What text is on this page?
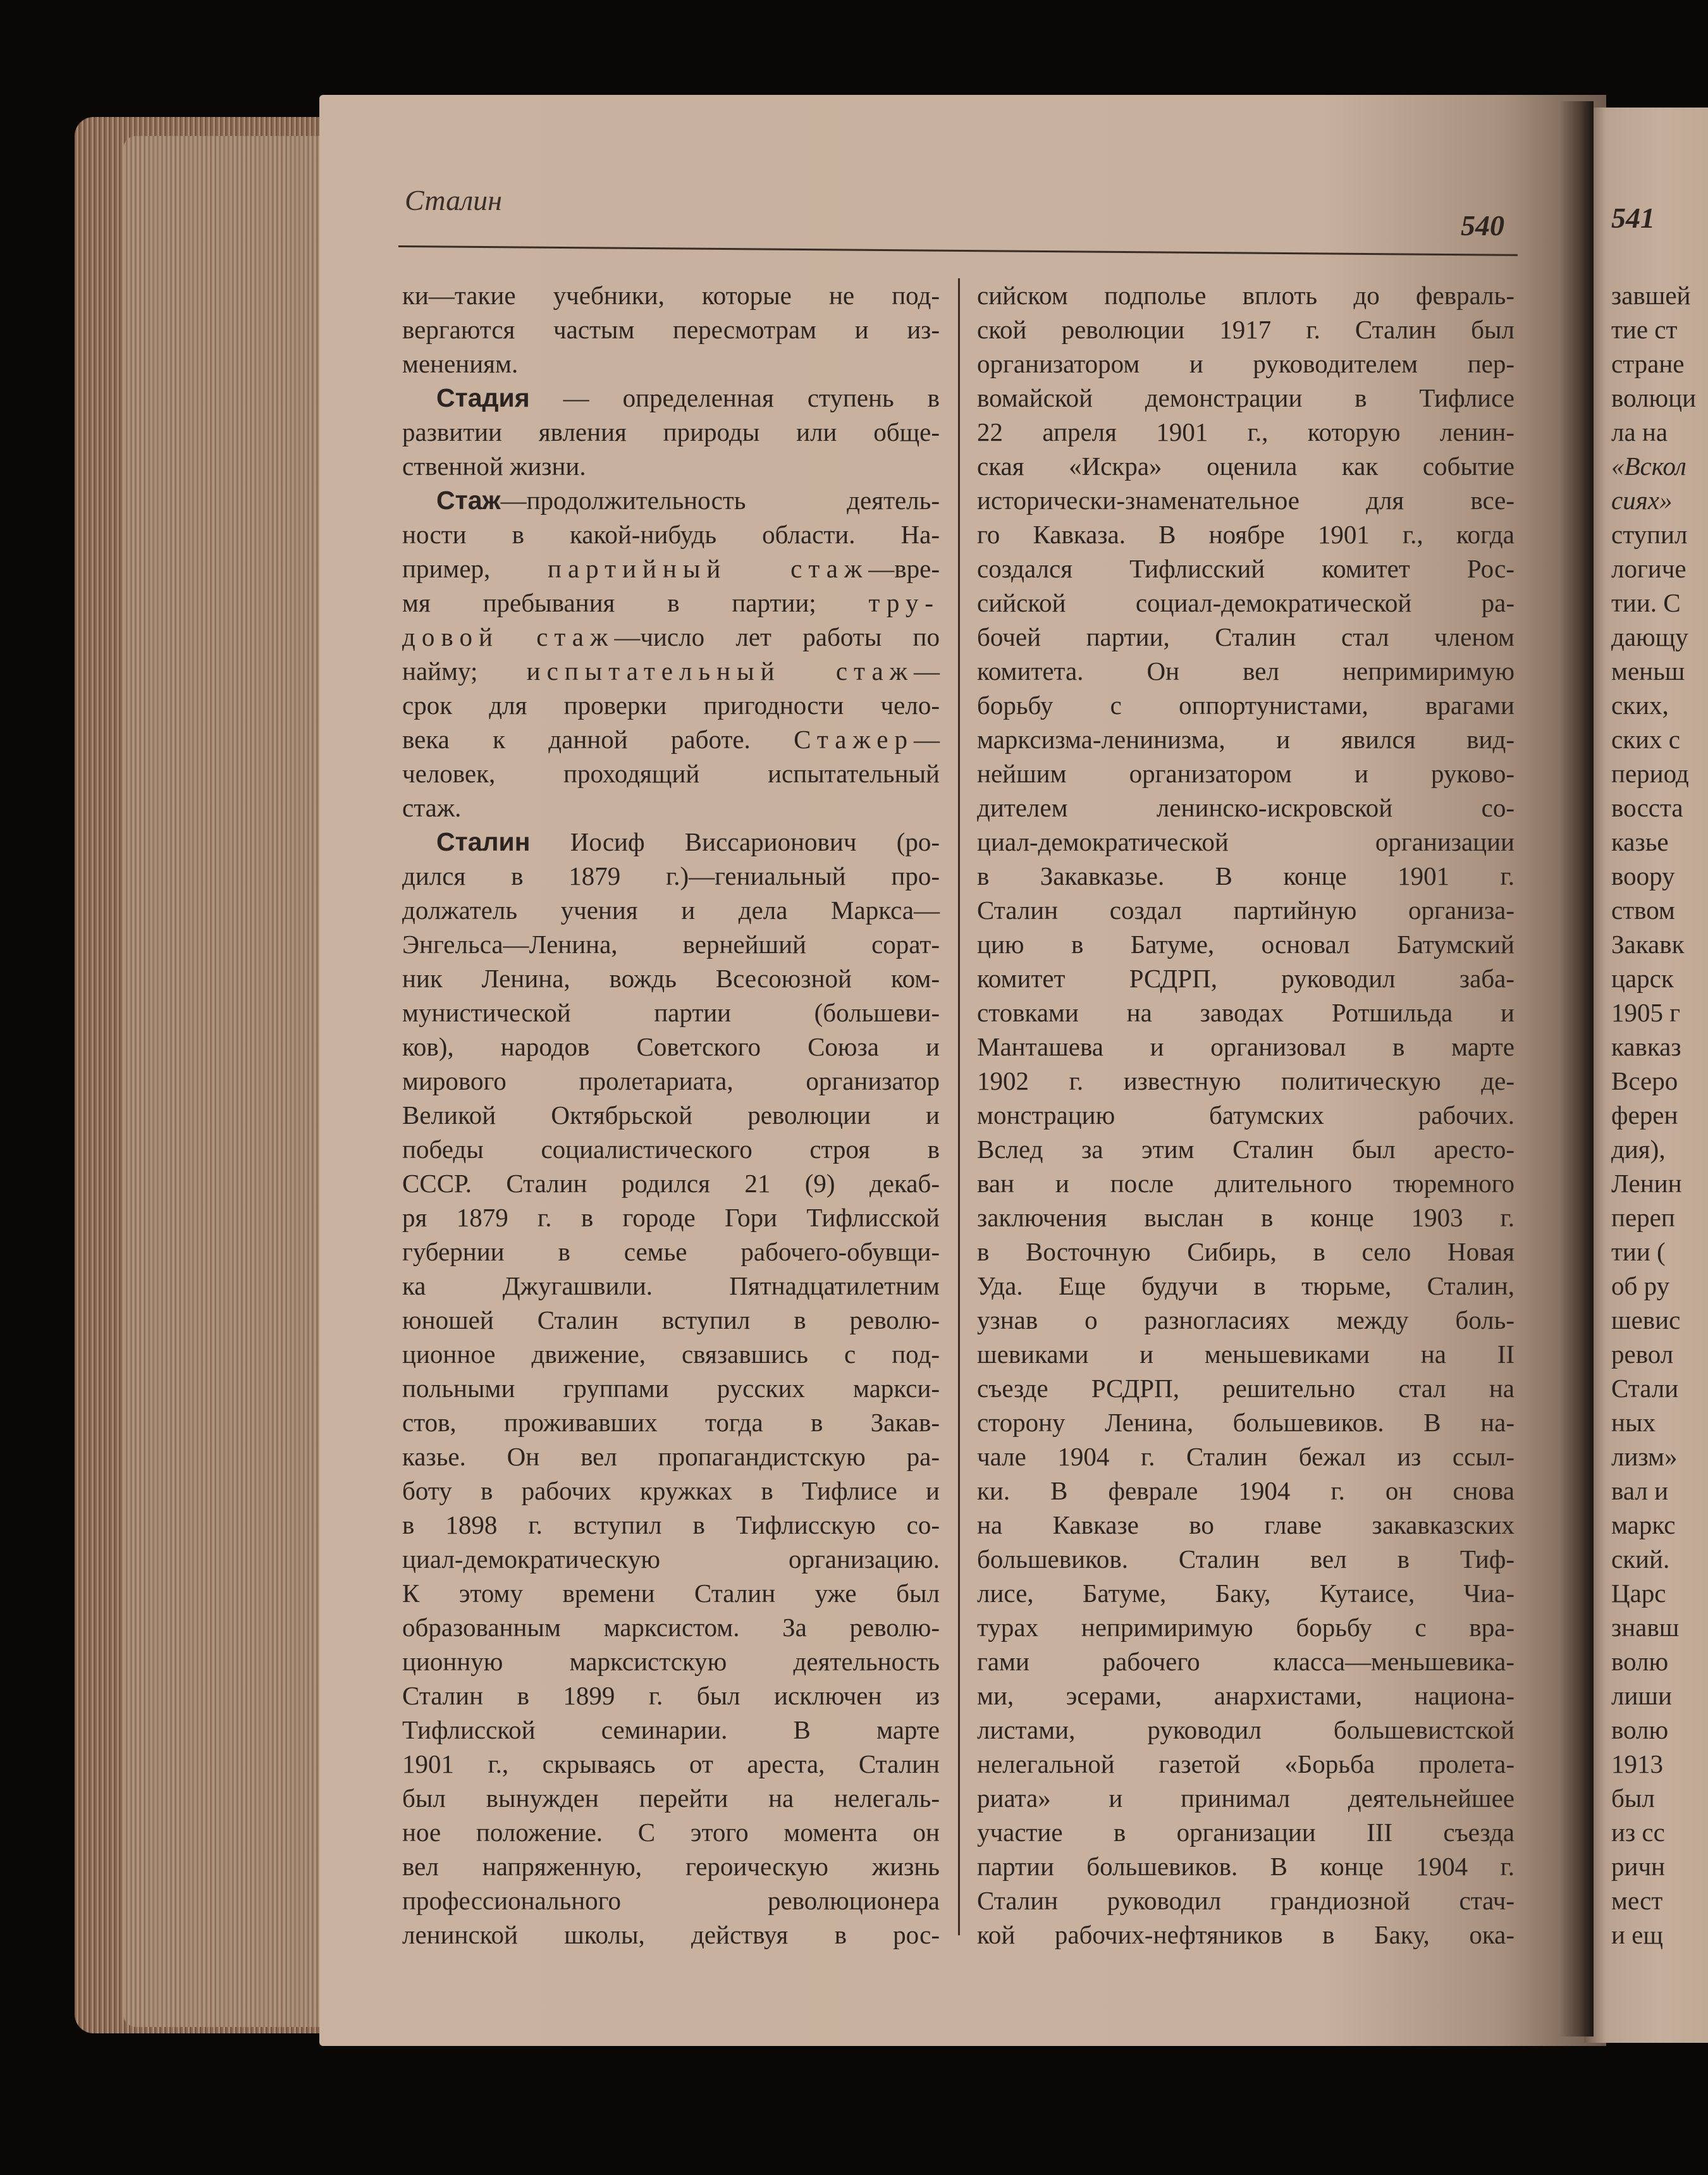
Сталин
540	541
ки—такие учебники, которые не под-
вергаются частым пересмотрам и из-
менениям.
Стадия — определенная ступень в
развитии явления природы или обще-
ственной жизни.
Стаж—продолжительность деятель-
ности в какой-нибудь области. На-
пример, партийный стаж—вре-
мя пребывания в партии; тру-
довой стаж—число лет работы по
найму; испытательный стаж—
срок для проверки пригодности чело-
века к данной работе. Стажер—
человек, проходящий испытательный
стаж.
Сталин Иосиф Виссарионович (ро-
дился в 1879 г.)—гениальный про-
должатель учения и дела Маркса—
Энгельса—Ленина, вернейший сорат-
ник Ленина, вождь Всесоюзной ком-
мунистической партии (большеви-
ков), народов Советского Союза и
мирового пролетариата, организатор
Великой Октябрьской революции и
победы социалистического строя в
СССР. Сталин родился 21 (9) декаб-
ря 1879 г. в городе Гори Тифлисской
губернии в семье рабочего-обувщи-
ка Джугашвили. Пятнадцатилетним
юношей Сталин вступил в револю-
ционное движение, связавшись с под-
польными группами русских маркси-
стов, проживавших тогда в Закав-
казье. Он вел пропагандистскую ра-
боту в рабочих кружках в Тифлисе и
в 1898 г. вступил в Тифлисскую со-
циал-демократическую организацию.
К этому времени Сталин уже был
образованным марксистом. За револю-
ционную марксистскую деятельность
Сталин в 1899 г. был исключен из
Тифлисской семинарии. В марте
1901 г., скрываясь от ареста, Сталин
был вынужден перейти на нелегаль-
ное положение. С этого момента он
вел напряженную, героическую жизнь
профессионального революционера
ленинской школы, действуя в рос-
сийском подполье вплоть до февраль-
ской революции 1917 г. Сталин был
организатором и руководителем пер-
вомайской демонстрации в Тифлисе
22 апреля 1901 г., которую ленин-
ская «Искра» оценила как событие
исторически-знаменательное для все-
го Кавказа. В ноябре 1901 г., когда
создался Тифлисский комитет Рос-
сийской социал-демократической ра-
бочей партии, Сталин стал членом
комитета. Он вел непримиримую
борьбу с оппортунистами, врагами
марксизма-ленинизма, и явился вид-
нейшим организатором и руково-
дителем ленинско-искровской со-
циал-демократической организации
в Закавказье. В конце 1901 г.
Сталин создал партийную организа-
цию в Батуме, основал Батумский
комитет РСДРП, руководил заба-
стовками на заводах Ротшильда и
Манташева и организовал в марте
1902 г. известную политическую де-
монстрацию батумских рабочих.
Вслед за этим Сталин был аресто-
ван и после длительного тюремного
заключения выслан в конце 1903 г.
в Восточную Сибирь, в село Новая
Уда. Еще будучи в тюрьме, Сталин,
узнав о разногласиях между боль-
шевиками и меньшевиками на II
съезде РСДРП, решительно стал на
сторону Ленина, большевиков. В на-
чале 1904 г. Сталин бежал из ссыл-
ки. В феврале 1904 г. он снова
на Кавказе во главе закавказских
большевиков. Сталин вел в Тиф-
лисе, Батуме, Баку, Кутаисе, Чиа-
турах непримиримую борьбу с вра-
гами рабочего класса—меньшевика-
ми, эсерами, анархистами, национа-
листами, руководил большевистской
нелегальной газетой «Борьба пролета-
риата» и принимал деятельнейшее
участие в организации III съезда
партии большевиков. В конце 1904 г.
Сталин руководил грандиозной стач-
кой рабочих-нефтяников в Баку, ока-
завшей
тие ст
стране
волюци
ла на
«Вскол
сиях»
ступил
логиче
тии. С
дающу
меньш
ских,
ских с
период
восста
казье
воору
ством
Закавк
царск
1905 г
кавказ
Всеро
ферен
дия),
Ленин
переп
тии (
об ру
шевис
револ
Стали
ных
лизм»
вал и
маркс
ский.
Царс
знавш
волю
лиши
волю
1913
был
из сс
ричн
мест
и ещ
